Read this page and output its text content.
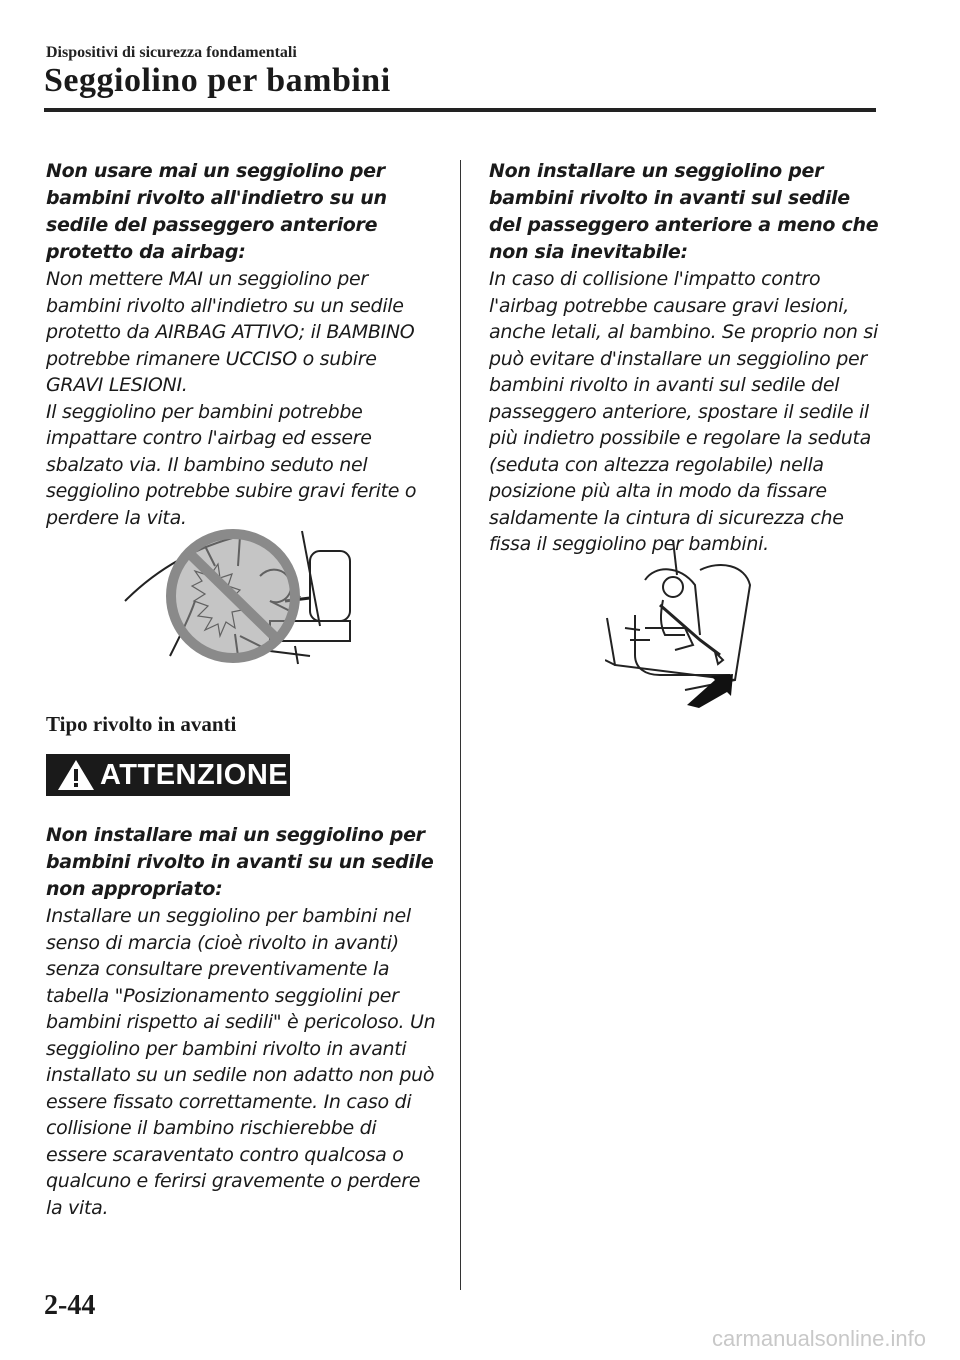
Dispositivi di sicurezza fondamentali
Seggiolino per bambini

Non usare mai un seggiolino per bambini rivolto all'indietro su un sedile del passeggero anteriore protetto da airbag:

Non mettere MAI un seggiolino per bambini rivolto all'indietro su un sedile protetto da AIRBAG ATTIVO; il BAMBINO potrebbe rimanere UCCISO o subire GRAVI LESIONI.

Il seggiolino per bambini potrebbe impattare contro l'airbag ed essere sbalzato via. Il bambino seduto nel seggiolino potrebbe subire gravi ferite o perdere la vita.

Tipo rivolto in avanti
ATTENZIONE

Non installare mai un seggiolino per bambini rivolto in avanti su un sedile non appropriato:

Installare un seggiolino per bambini nel senso di marcia (cioè rivolto in avanti) senza consultare preventivamente la tabella "Posizionamento seggiolini per bambini rispetto ai sedili" è pericoloso. Un seggiolino per bambini rivolto in avanti installato su un sedile non adatto non può essere fissato correttamente. In caso di collisione il bambino rischierebbe di essere scaraventato contro qualcosa o qualcuno e ferirsi gravemente o perdere la vita.

Non installare un seggiolino per bambini rivolto in avanti sul sedile del passeggero anteriore a meno che non sia inevitabile:

In caso di collisione l'impatto contro l'airbag potrebbe causare gravi lesioni, anche letali, al bambino. Se proprio non si può evitare d'installare un seggiolino per bambini rivolto in avanti sul sedile del passeggero anteriore, spostare il sedile il più indietro possibile e regolare la seduta (seduta con altezza regolabile) nella posizione più alta in modo da fissare saldamente la cintura di sicurezza che fissa il seggiolino per bambini.

2-44
carmanualsonline.info
